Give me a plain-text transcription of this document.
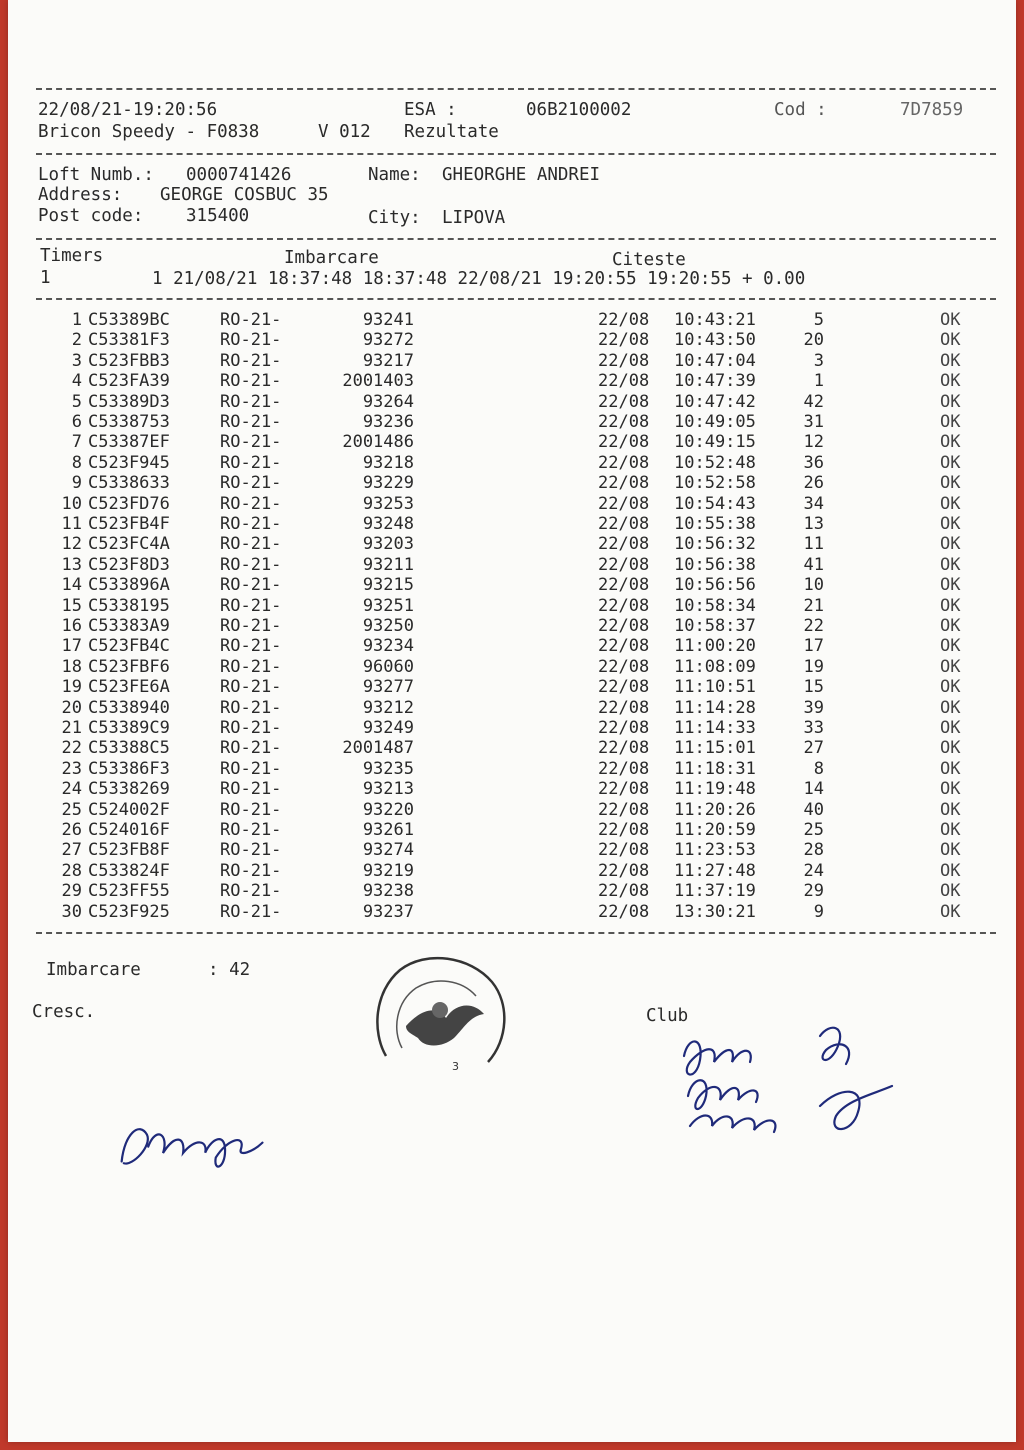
22/08/21-19:20:56	ESA :	06B2100002	Cod :	7D7859
Bricon Speedy - F0838	V 012 Rezultate
Loft Numb.: 0000741426	Name: GHEORGHE ANDREI
Address: GEORGE COSBUC 35
Post code: 315400	City: LIPOVA
Timers	Imbarcare	Citeste
1	1 21/08/21 18:37:48 18:37:48 22/08/21 19:20:55 19:20:55 + 0.00
1 C53389BC	RO-21-	93241	22/08 10:43:21	5	OK
2 C53381F3	RO-21-	93272	22/08 10:43:50	20	OK
3 C523FBB3	RO-21-	93217	22/08 10:47:04	3	OK
4 C523FA39	RO-21-	2001403	22/08 10:47:39	1	OK
5 C53389D3	RO-21-	93264	22/08 10:47:42	42	OK
6 C5338753	RO-21-	93236	22/08 10:49:05	31	OK
7 C53387EF	RO-21-	2001486	22/08 10:49:15	12	OK
8 C523F945	RO-21-	93218	22/08 10:52:48	36	OK
9 C5338633	RO-21-	93229	22/08 10:52:58	26	OK
10 C523FD76	RO-21-	93253	22/08 10:54:43	34	OK
11 C523FB4F	RO-21-	93248	22/08 10:55:38	13	OK
12 C523FC4A	RO-21-	93203	22/08 10:56:32	11	OK
13 C523F8D3	RO-21-	93211	22/08 10:56:38	41	OK
14 C533896A	RO-21-	93215	22/08 10:56:56	10	OK
15 C5338195	RO-21-	93251	22/08 10:58:34	21	OK
16 C53383A9	RO-21-	93250	22/08 10:58:37	22	OK
17 C523FB4C	RO-21-	93234	22/08 11:00:20	17	OK
18 C523FBF6	RO-21-	96060	22/08 11:08:09	19	OK
19 C523FE6A	RO-21-	93277	22/08 11:10:51	15	OK
20 C5338940	RO-21-	93212	22/08 11:14:28	39	OK
21 C53389C9	RO-21-	93249	22/08 11:14:33	33	OK
22 C53388C5	RO-21-	2001487	22/08 11:15:01	27	OK
23 C53386F3	RO-21-	93235	22/08 11:18:31	8	OK
24 C5338269	RO-21-	93213	22/08 11:19:48	14	OK
25 C524002F	RO-21-	93220	22/08 11:20:26	40	OK
26 C524016F	RO-21-	93261	22/08 11:20:59	25	OK
27 C523FB8F	RO-21-	93274	22/08 11:23:53	28	OK
28 C533824F	RO-21-	93219	22/08 11:27:48	24	OK
29 C523FF55	RO-21-	93238	22/08 11:37:19	29	OK
30 C523F925	RO-21-	93237	22/08 13:30:21	9	OK
Imbarcare	: 42
Cresc.	Club

3
